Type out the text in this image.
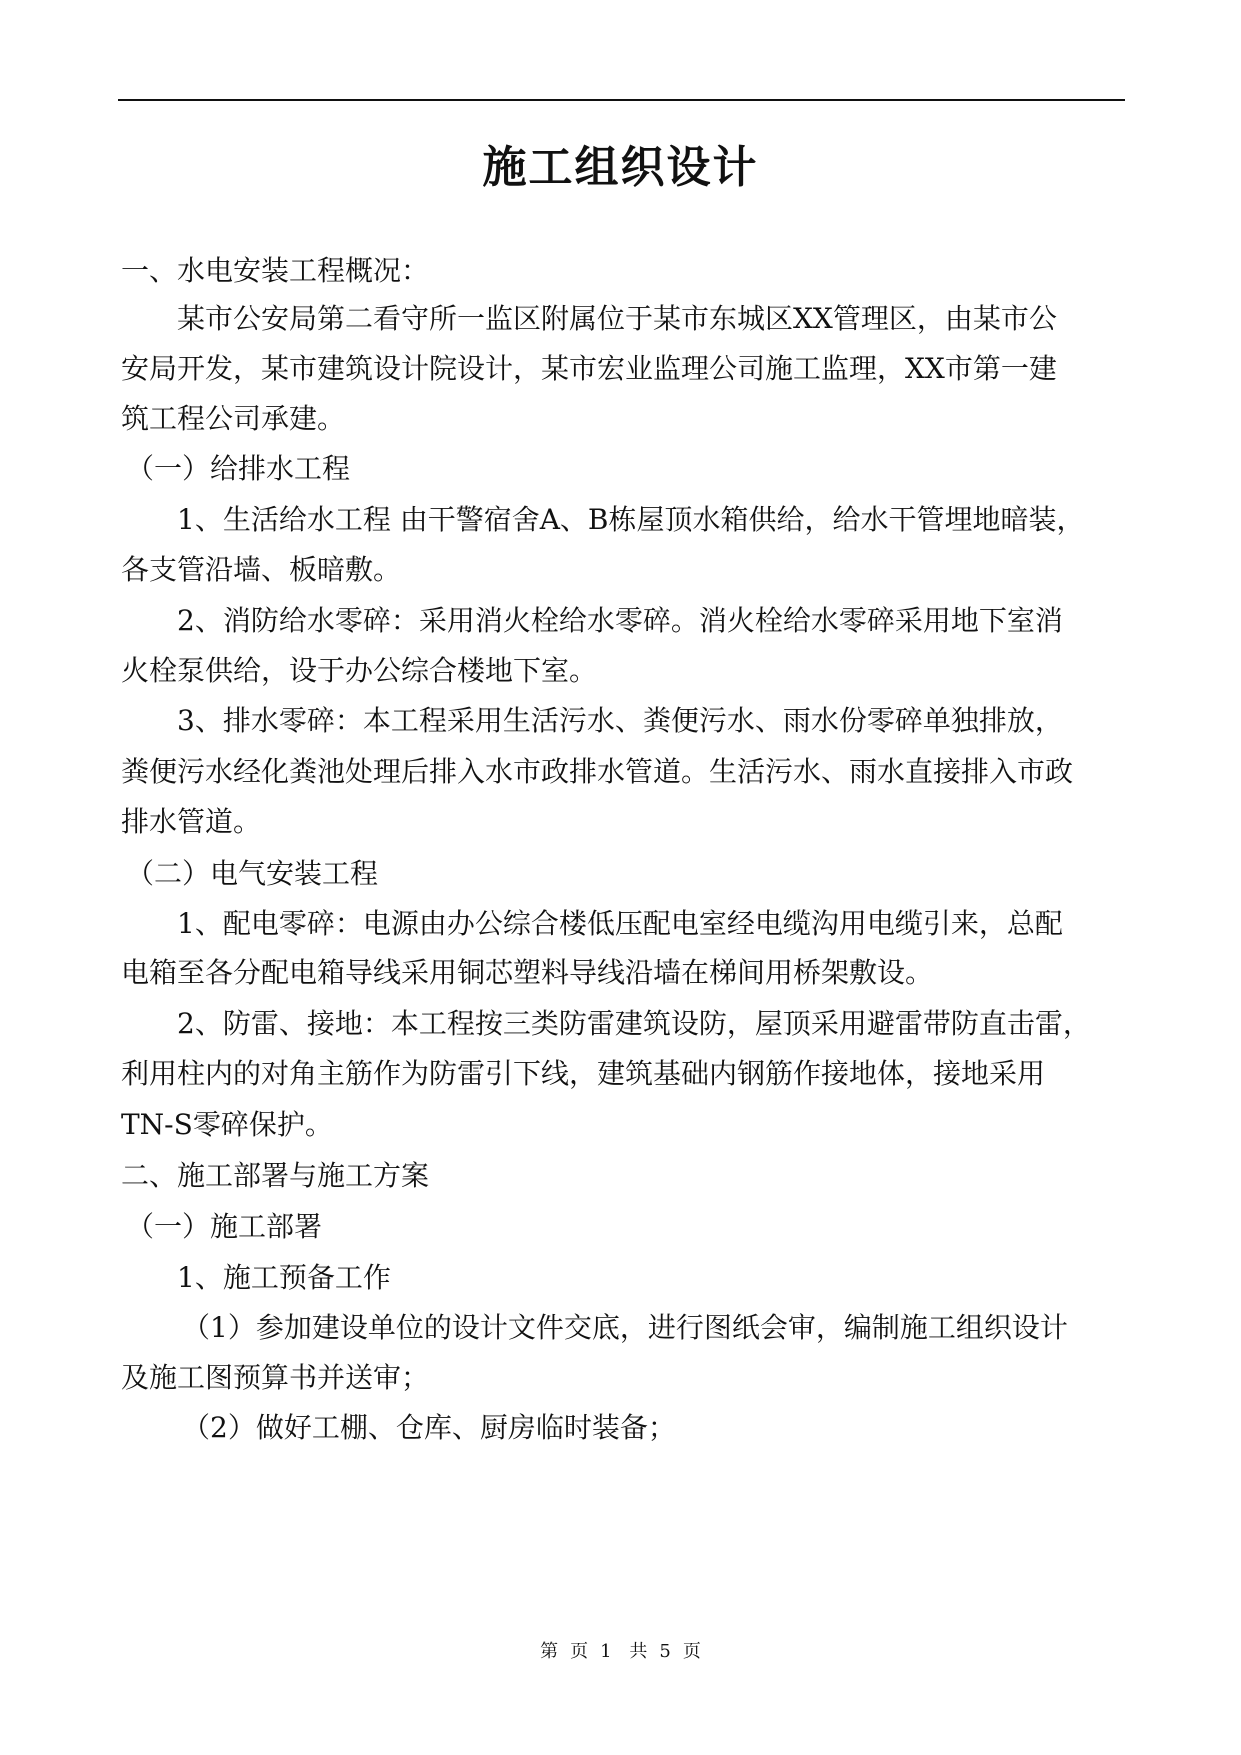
施工组织设计
一、水电安装工程概况：
某市公安局第二看守所一监区附属位于某市东城区XX管理区，由某市公
安局开发，某市建筑设计院设计，某市宏业监理公司施工监理，XX市第一建
筑工程公司承建。
（一）给排水工程
1、生活给水工程 由干警宿舍A、B栋屋顶水箱供给，给水干管埋地暗装，
各支管沿墙、板暗敷。
2、消防给水零碎：采用消火栓给水零碎。消火栓给水零碎采用地下室消
火栓泵供给，设于办公综合楼地下室。
3、排水零碎：本工程采用生活污水、粪便污水、雨水份零碎单独排放，
粪便污水经化粪池处理后排入水市政排水管道。生活污水、雨水直接排入市政
排水管道。
（二）电气安装工程
1、配电零碎：电源由办公综合楼低压配电室经电缆沟用电缆引来，总配
电箱至各分配电箱导线采用铜芯塑料导线沿墙在梯间用桥架敷设。
2、防雷、接地：本工程按三类防雷建筑设防，屋顶采用避雷带防直击雷，
利用柱内的对角主筋作为防雷引下线，建筑基础内钢筋作接地体，接地采用
TN-S零碎保护。
二、施工部署与施工方案
（一）施工部署
1、施工预备工作
（1）参加建设单位的设计文件交底，进行图纸会审，编制施工组织设计
及施工图预算书并送审；
（2）做好工棚、仓库、厨房临时装备；
第 页 1 共 5 页
